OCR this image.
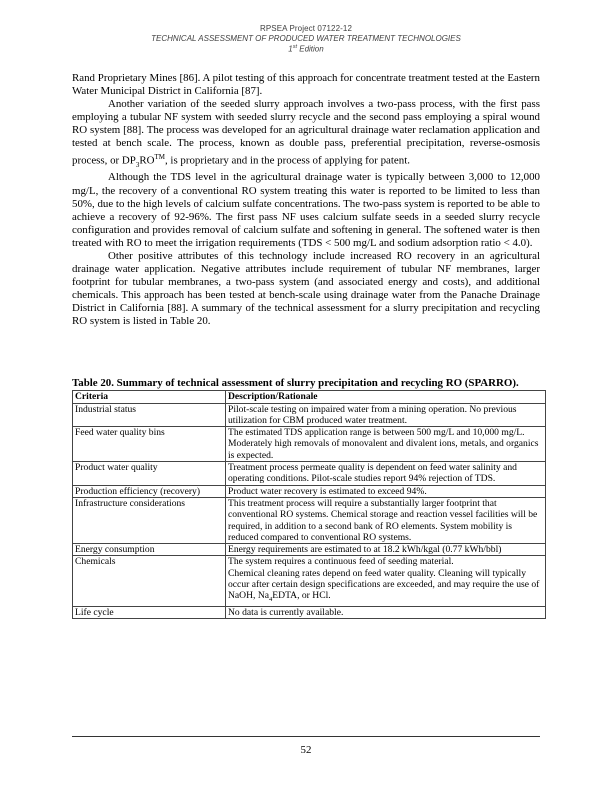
RPSEA Project 07122-12
TECHNICAL ASSESSMENT OF PRODUCED WATER TREATMENT TECHNOLOGIES
1st Edition

Rand Proprietary Mines [86]. A pilot testing of this approach for concentrate treatment tested at the Eastern Water Municipal District in California [87].

Another variation of the seeded slurry approach involves a two-pass process, with the first pass employing a tubular NF system with seeded slurry recycle and the second pass employing a spiral wound RO system [88]. The process was developed for an agricultural drainage water reclamation application and tested at bench scale. The process, known as double pass, preferential precipitation, reverse-osmosis process, or $DP_3RO™$, is proprietary and in the process of applying for patent.

Although the TDS level in the agricultural drainage water is typically between 3,000 to 12,000 mg/L, the recovery of a conventional RO system treating this water is reported to be limited to less than 50%, due to the high levels of calcium sulfate concentrations. The two-pass system is reported to be able to achieve a recovery of 92-96%. The first pass NF uses calcium sulfate seeds in a seeded slurry recycle configuration and provides removal of calcium sulfate and softening in general. The softened water is then treated with RO to meet the irrigation requirements (TDS < 500 mg/L and sodium adsorption ratio < 4.0).

Other positive attributes of this technology include increased RO recovery in an agricultural drainage water application. Negative attributes include requirement of tubular NF membranes, larger footprint for tubular membranes, a two-pass system (and associated energy and costs), and additional chemicals. This approach has been tested at bench-scale using drainage water from the Panache Drainage District in California [88]. A summary of the technical assessment for a slurry precipitation and recycling RO system is listed in Table 20.

Table 20. Summary of technical assessment of slurry precipitation and recycling RO (SPARRO).
Criteria	Description/Rationale
Industrial status	Pilot-scale testing on impaired water from a mining operation. No previous utilization for CBM produced water treatment.
Feed water quality bins	The estimated TDS application range is between 500 mg/L and 10,000 mg/L. Moderately high removals of monovalent and divalent ions, metals, and organics is expected.
Product water quality	Treatment process permeate quality is dependent on feed water salinity and operating conditions. Pilot-scale studies report 94% rejection of TDS.
Production efficiency (recovery)	Product water recovery is estimated to exceed 94%.
Infrastructure considerations	This treatment process will require a substantially larger footprint that conventional RO systems. Chemical storage and reaction vessel facilities will be required, in addition to a second bank of RO elements. System mobility is reduced compared to conventional RO systems.
Energy consumption	Energy requirements are estimated to at 18.2 kWh/kgal (0.77 kWh/bbl)
Chemicals	The system requires a continuous feed of seeding material.
Chemical cleaning rates depend on feed water quality. Cleaning will typically occur after certain design specifications are exceeded, and may require the use of NaOH, $Na_4EDTA$, or HCl.

Life cycle	No data is currently available.
52
